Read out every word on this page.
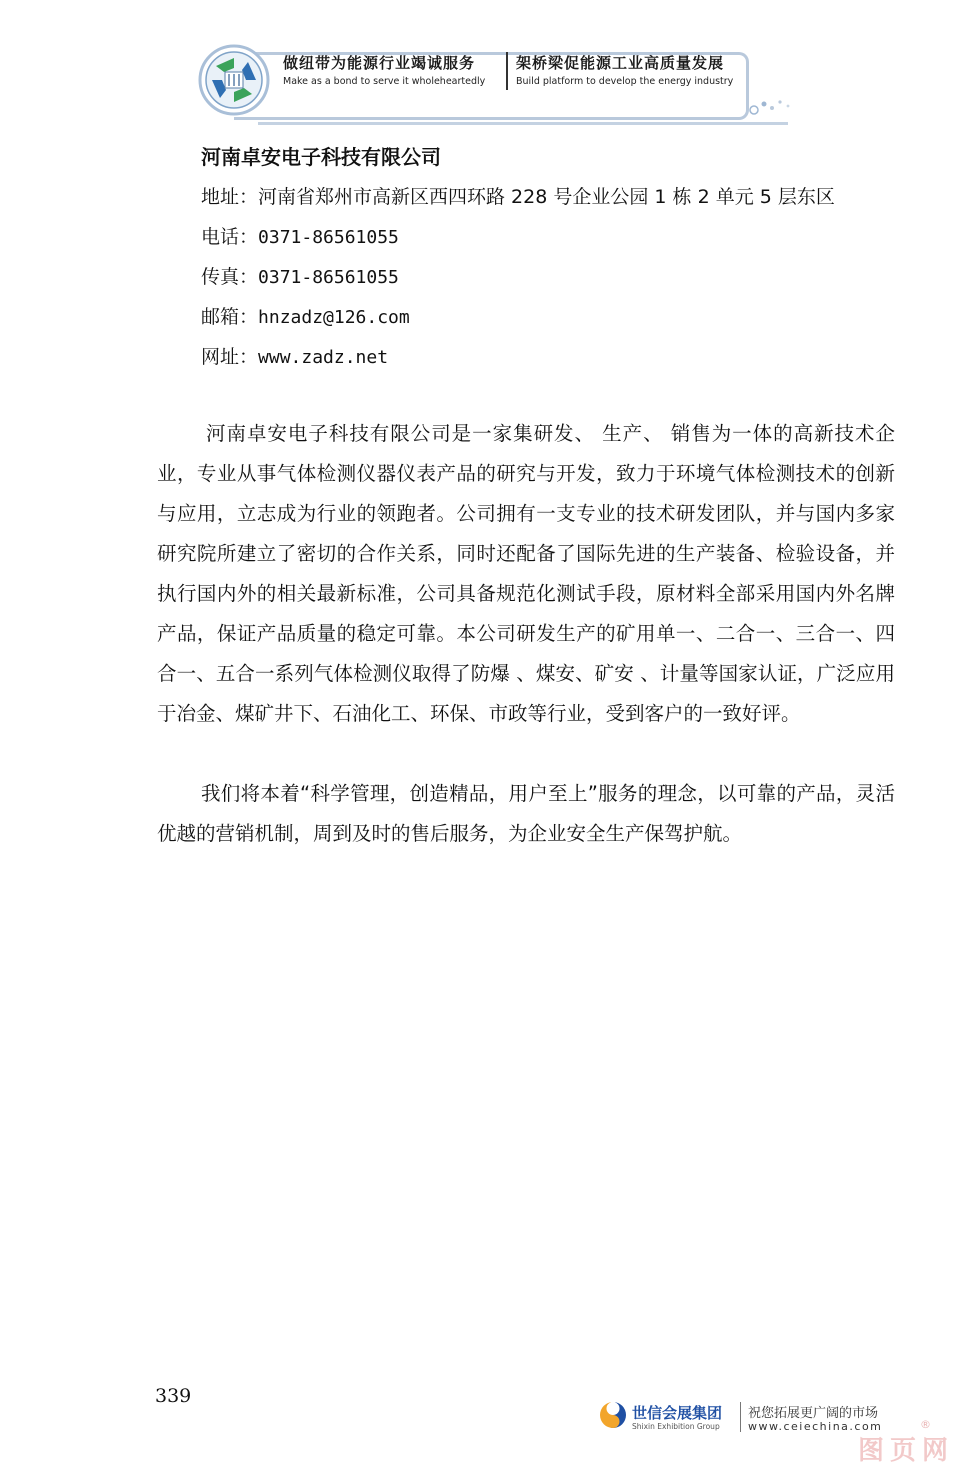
做纽带为能源行业竭诚服务	架桥梁促能源工业高质量发展
Make as a bond to serve it wholeheartedly	Build platform to develop the energy industry
河南卓安电子科技有限公司
地址：河南省郑州市高新区西四环路 228 号企业公园 1 栋 2 单元 5 层东区
电话：0371-86561055
传真：0371-86561055
邮箱：hnzadz@126.com
网址：www.zadz.net
河南卓安电子科技有限公司是一家集研发、 生产、 销售为一体的高新技术企业，专业从事气体检测仪器仪表产品的研究与开发，致力于环境气体检测技术的创新与应用，立志成为行业的领跑者。公司拥有一支专业的技术研发团队，并与国内多家研究院所建立了密切的合作关系，同时还配备了国际先进的生产装备、检验设备，并执行国内外的相关最新标准，公司具备规范化测试手段，原材料全部采用国内外名牌产品，保证产品质量的稳定可靠。本公司研发生产的矿用单一、二合一、三合一、四合一、五合一系列气体检测仪取得了防爆 、煤安、矿安 、计量等国家认证，广泛应用于冶金、煤矿井下、石油化工、环保、市政等行业，受到客户的一致好评。
我们将本着“科学管理，创造精品，用户至上”服务的理念，以可靠的产品，灵活优越的营销机制，周到及时的售后服务，为企业安全生产保驾护航。
339
世信会展集团
Shixin Exhibition Group
祝您拓展更广阔的市场
www.ceiechina.com	®
图页网
